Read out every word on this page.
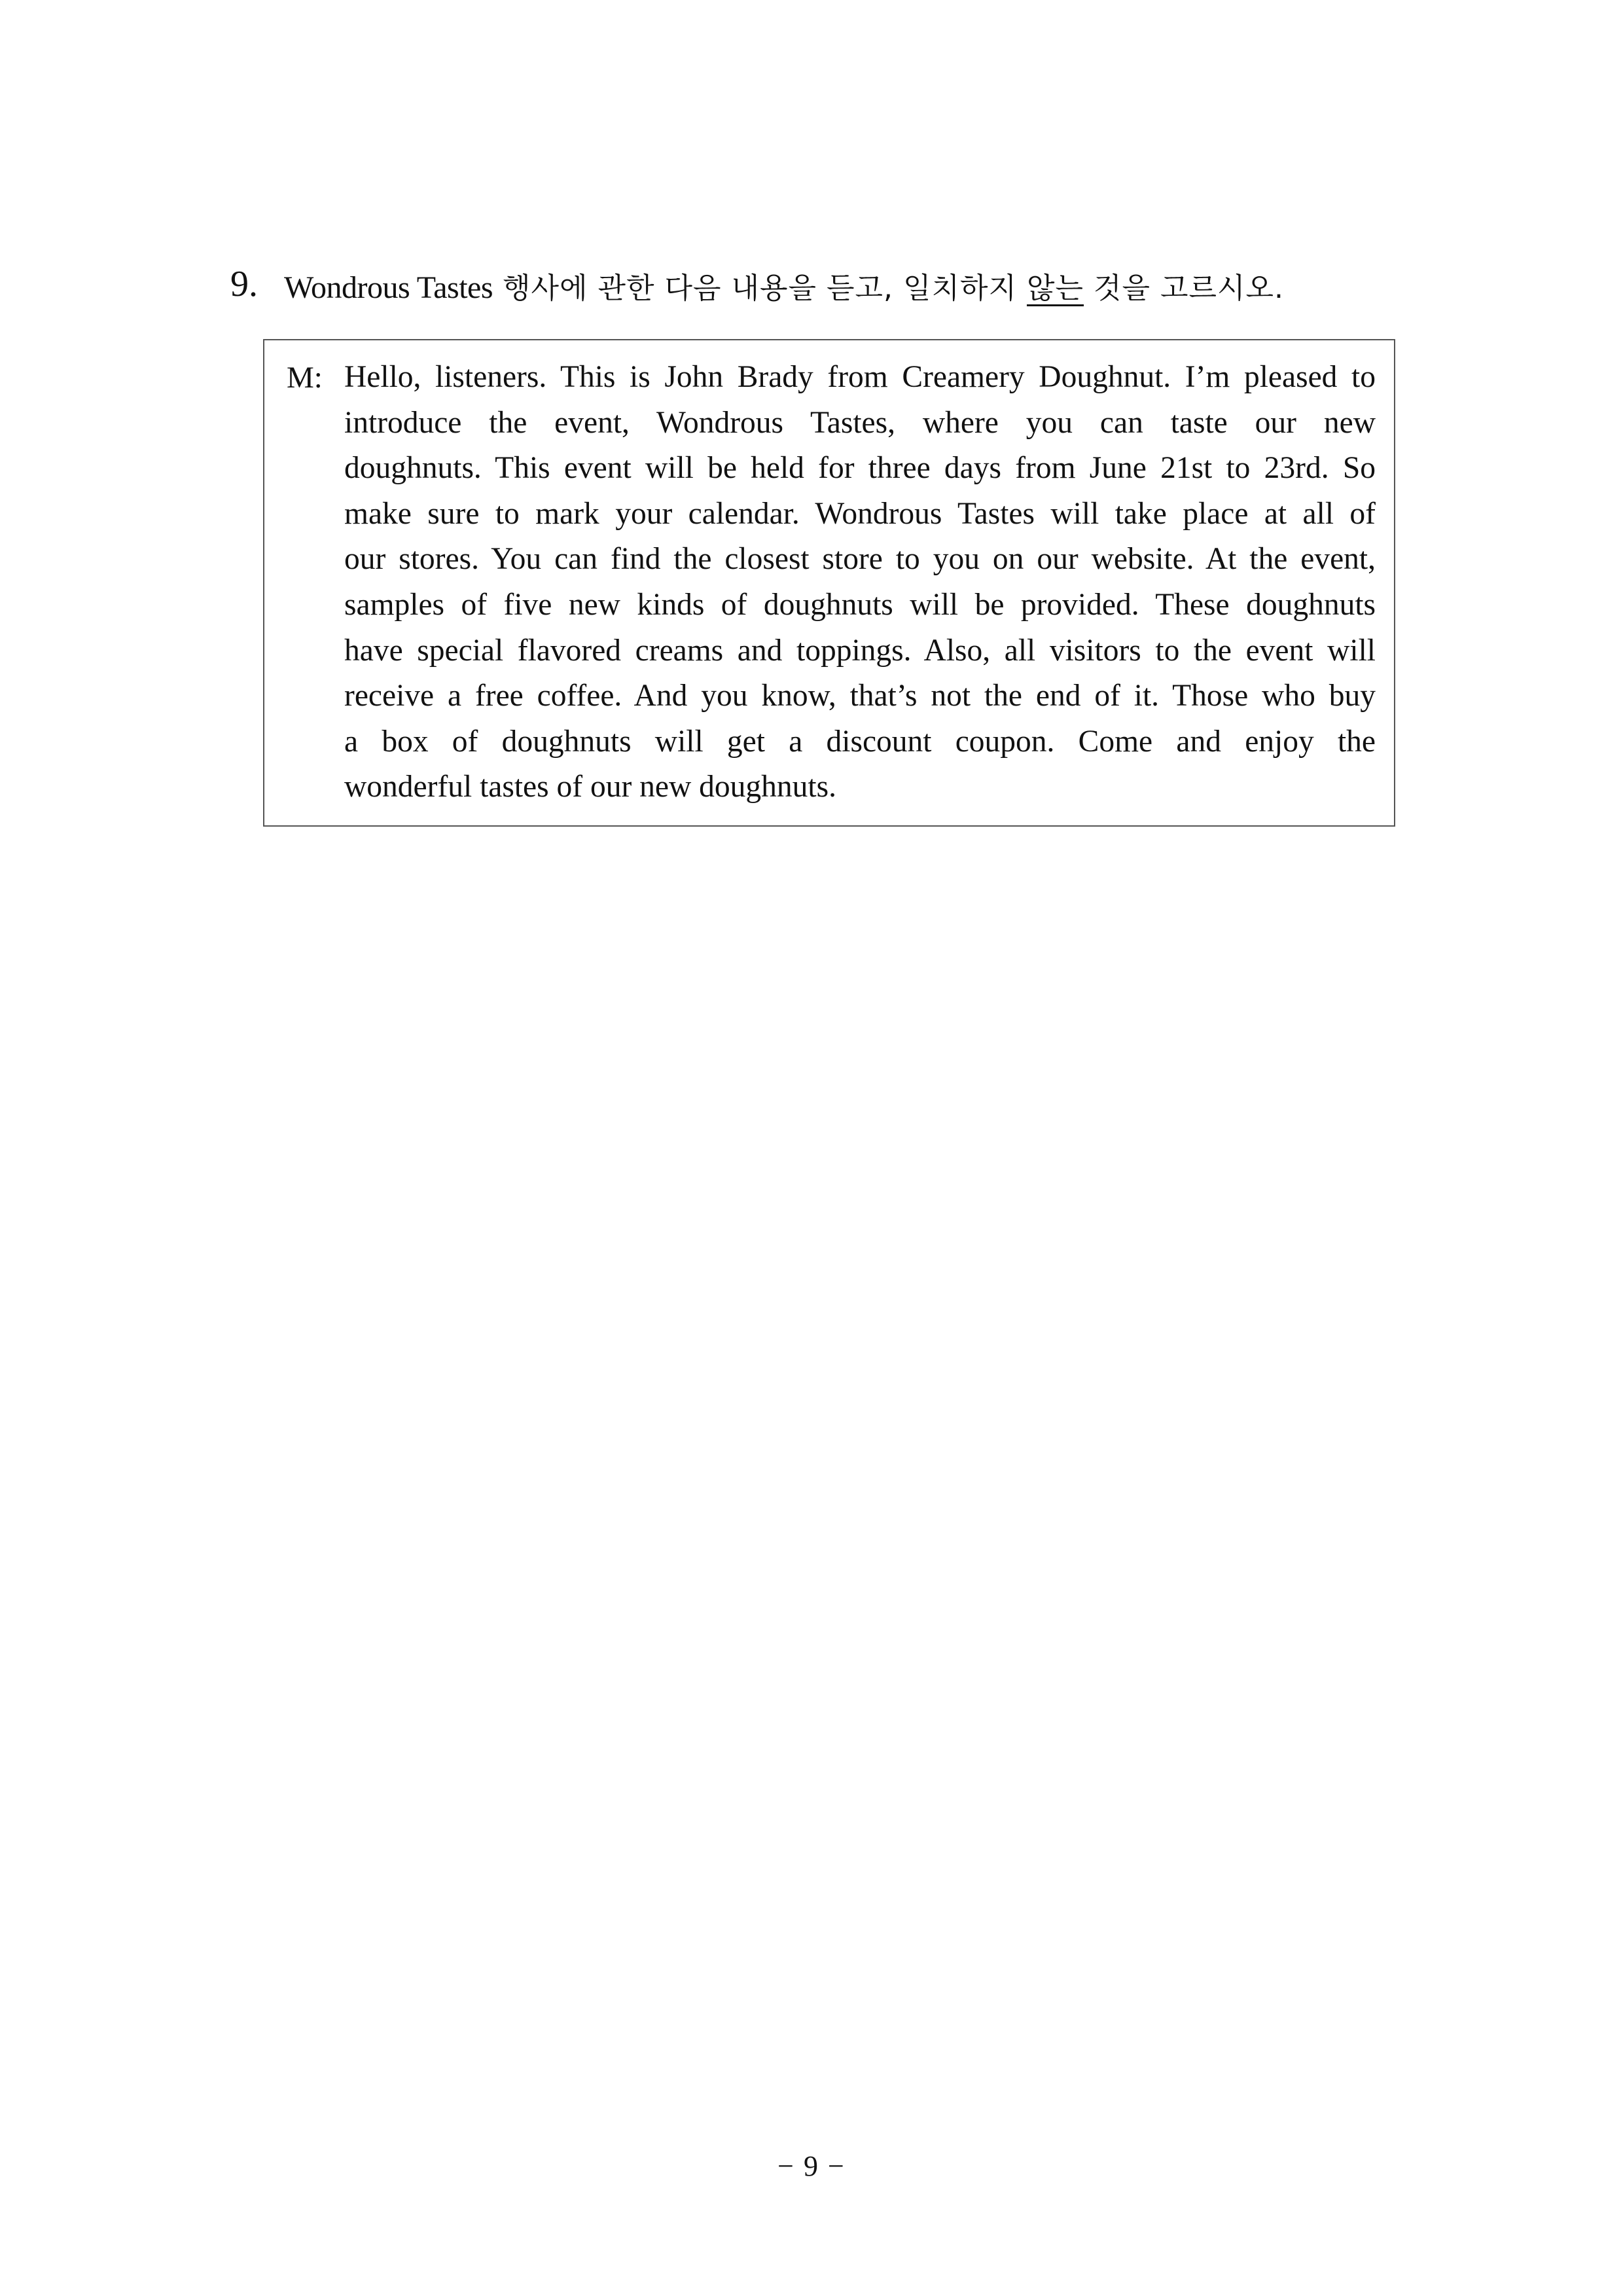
9. Wondrous Tastes 행사에 관한 다음 내용을 듣고, 일치하지 않는 것을 고르시오.
M: Hello, listeners. This is John Brady from Creamery Doughnut. I’m pleased to
introduce the event, Wondrous Tastes, where you can taste our new
doughnuts. This event will be held for three days from June 21st to 23rd. So
make sure to mark your calendar. Wondrous Tastes will take place at all of
our stores. You can find the closest store to you on our website. At the event,
samples of five new kinds of doughnuts will be provided. These doughnuts
have special flavored creams and toppings. Also, all visitors to the event will
receive a free coffee. And you know, that’s not the end of it. Those who buy
a box of doughnuts will get a discount coupon. Come and enjoy the
wonderful tastes of our new doughnuts.
− 9 −
